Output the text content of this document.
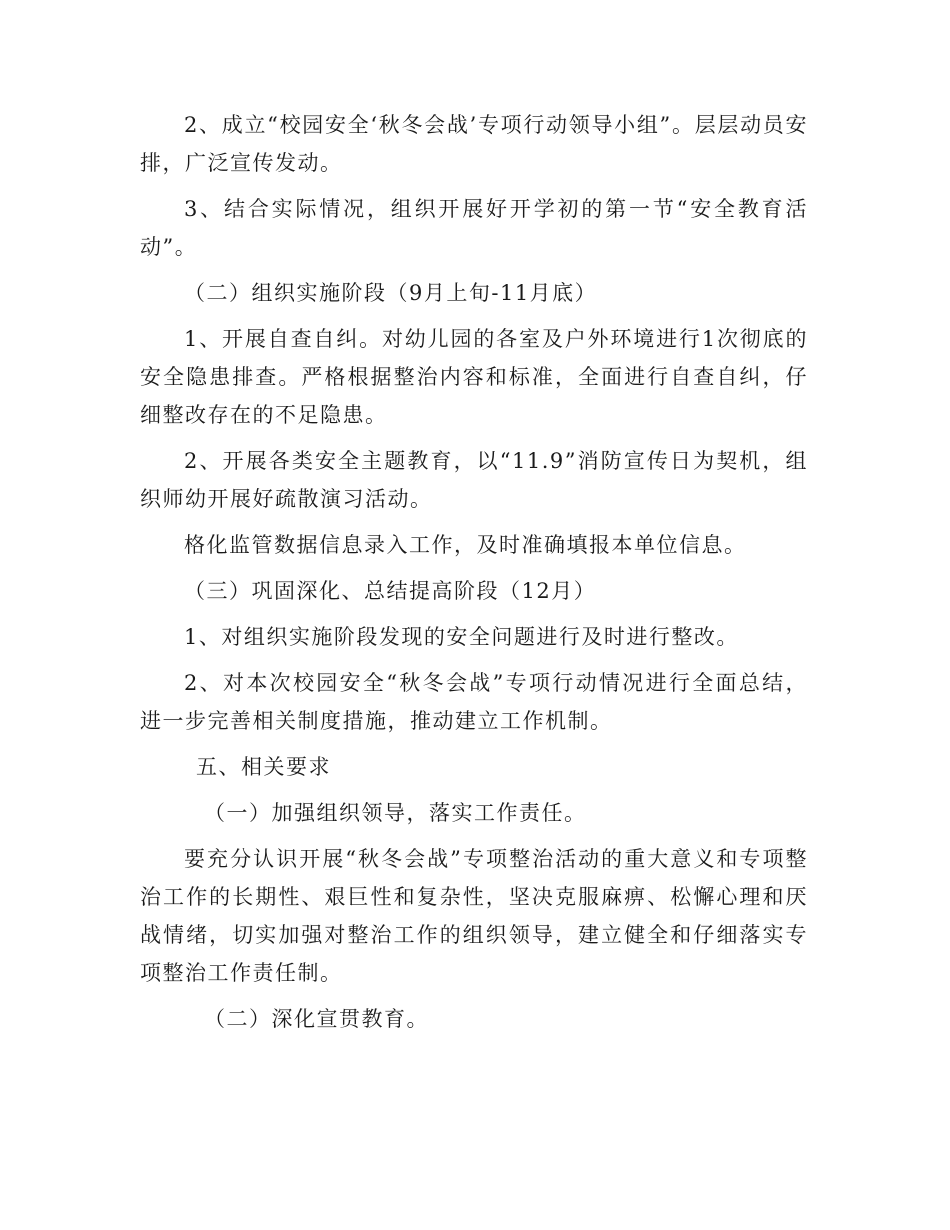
2、成立“校园安全‘秋冬会战’专项行动领导小组”。层层动员安排，广泛宣传发动。

3、结合实际情况，组织开展好开学初的第一节“安全教育活动”。

（二）组织实施阶段（9月上旬-11月底）

1、开展自查自纠。对幼儿园的各室及户外环境进行1次彻底的安全隐患排查。严格根据整治内容和标准，全面进行自查自纠，仔细整改存在的不足隐患。

2、开展各类安全主题教育，以“11.9”消防宣传日为契机，组织师幼开展好疏散演习活动。

格化监管数据信息录入工作，及时准确填报本单位信息。

（三）巩固深化、总结提高阶段（12月）

1、对组织实施阶段发现的安全问题进行及时进行整改。

2、对本次校园安全“秋冬会战”专项行动情况进行全面总结，进一步完善相关制度措施，推动建立工作机制。

五、相关要求

（一）加强组织领导，落实工作责任。

要充分认识开展“秋冬会战”专项整治活动的重大意义和专项整治工作的长期性、艰巨性和复杂性，坚决克服麻痹、松懈心理和厌战情绪，切实加强对整治工作的组织领导，建立健全和仔细落实专项整治工作责任制。

（二）深化宣贯教育。
